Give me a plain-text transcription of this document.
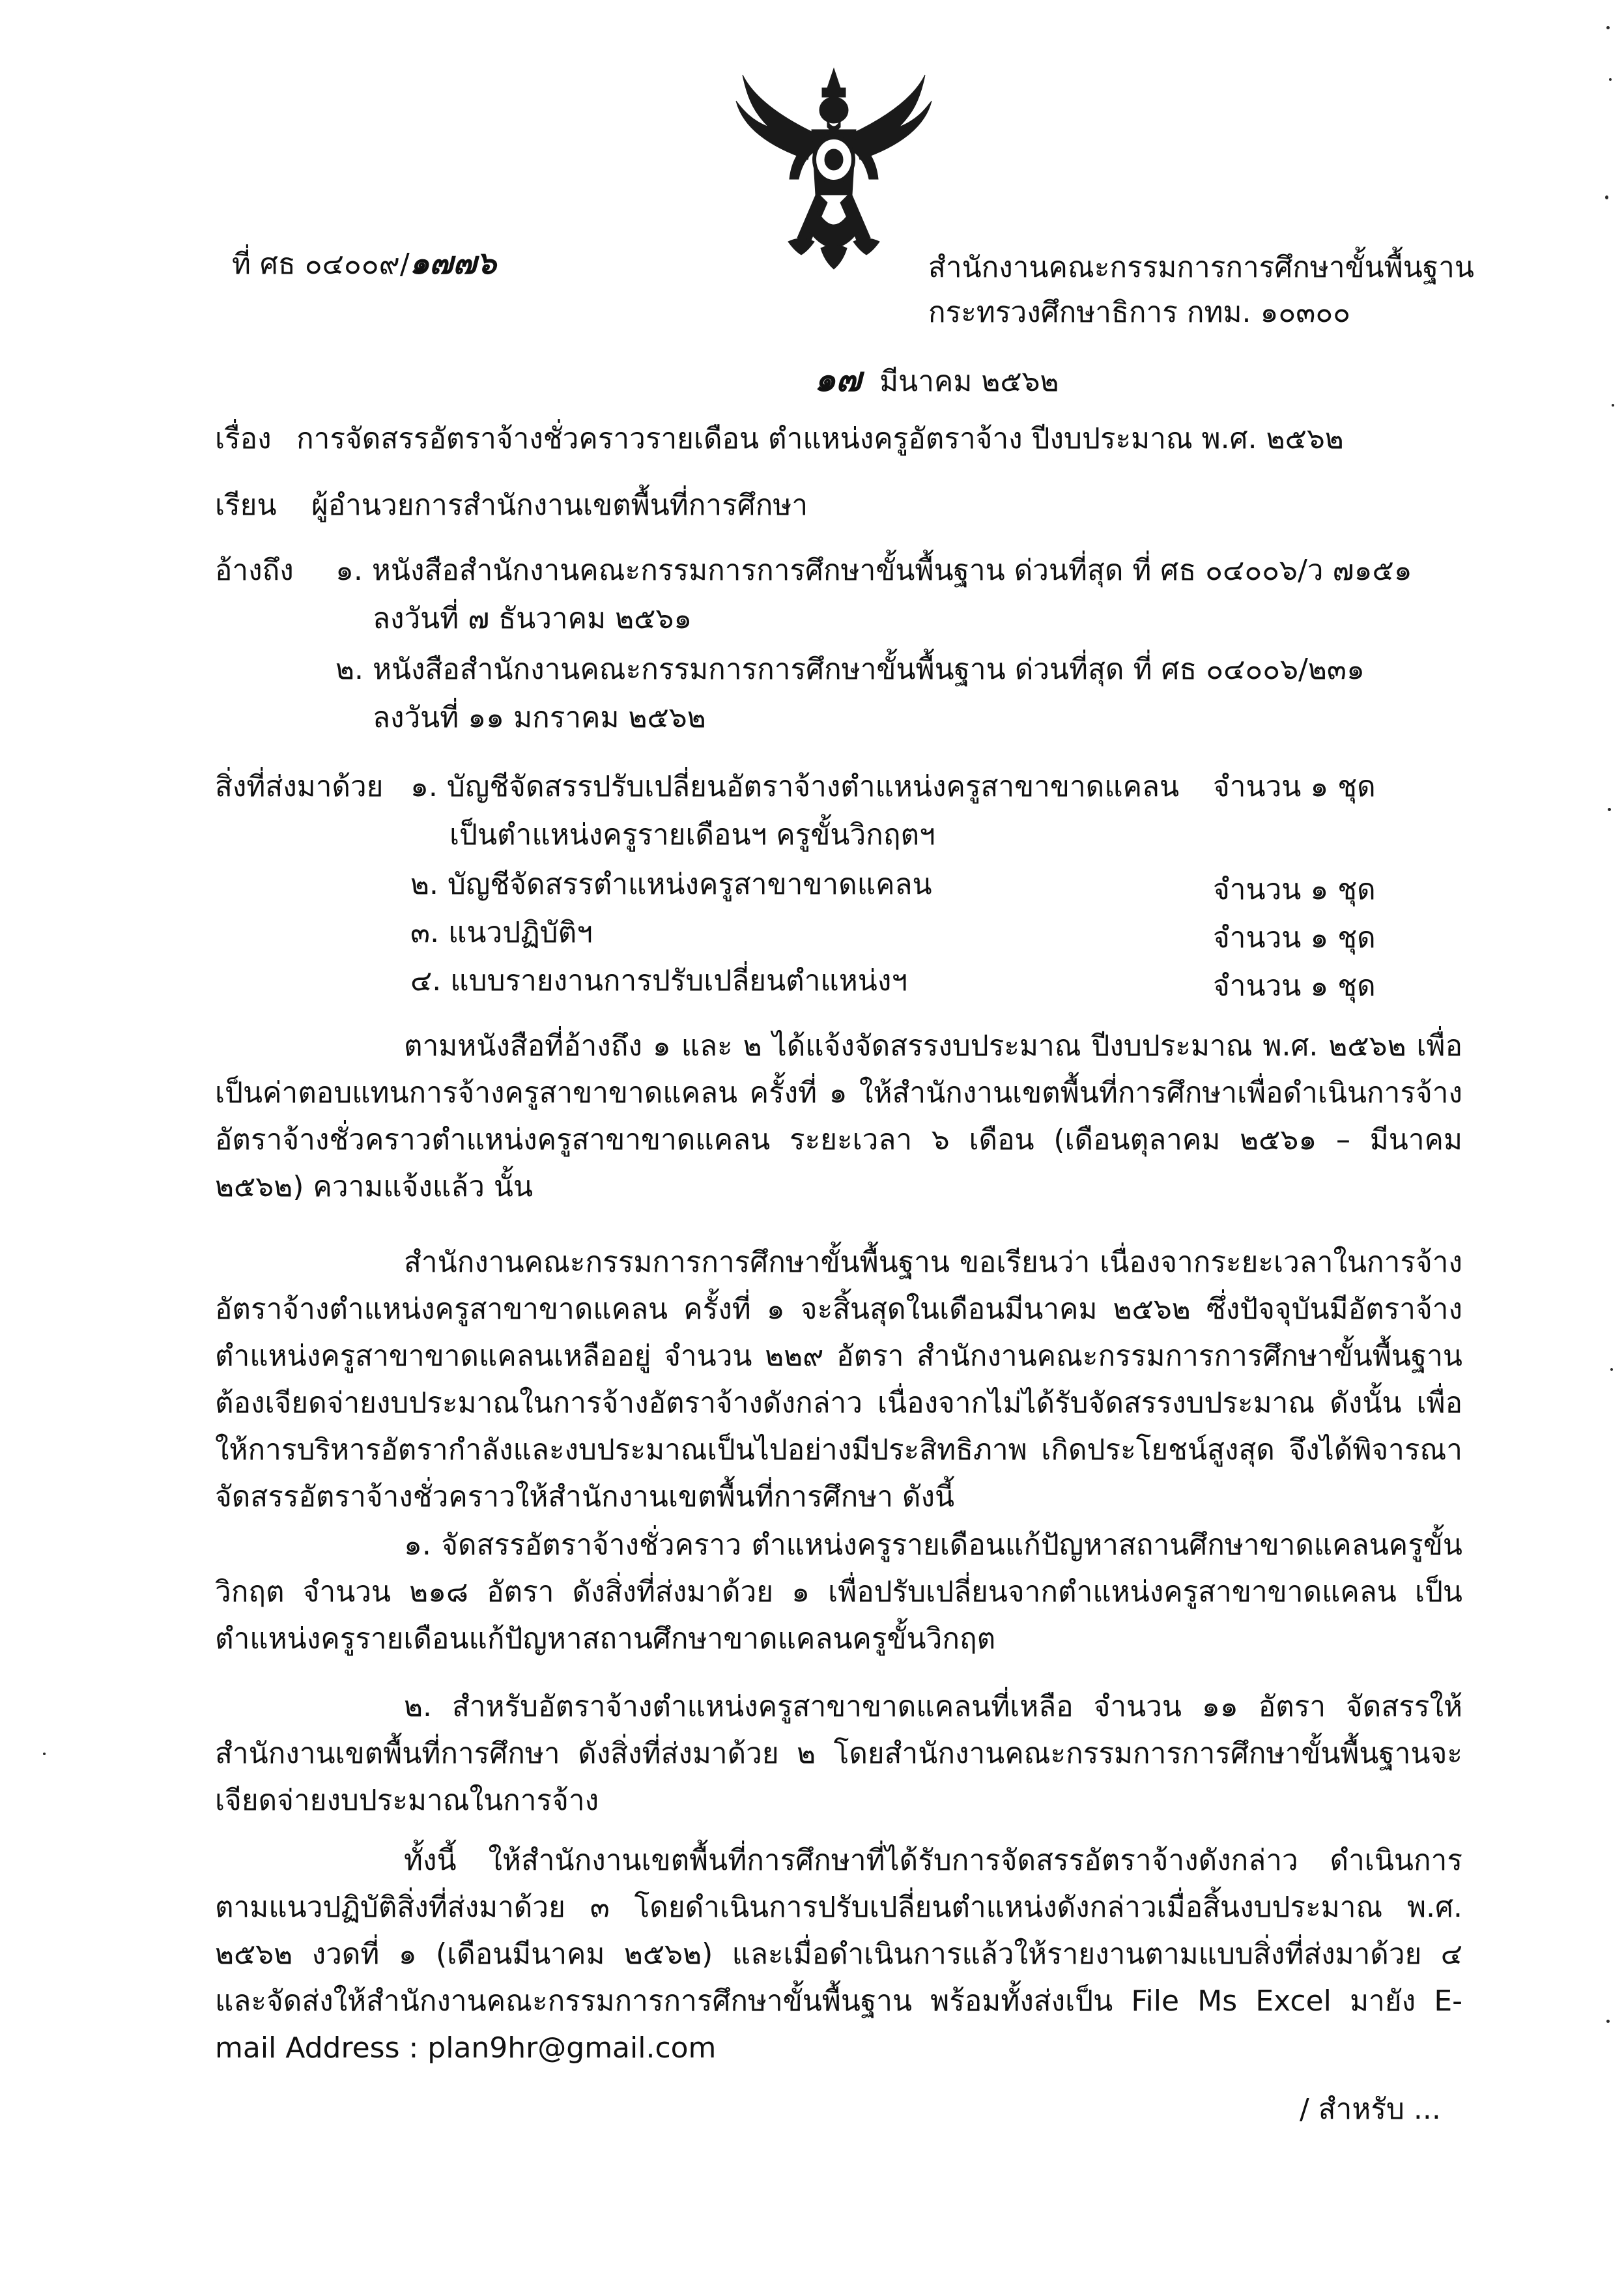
ที่ ศธ ๐๔๐๐๙/๑๗๗๖	สำนักงานคณะกรรมการการศึกษาขั้นพื้นฐาน
กระทรวงศึกษาธิการ กทม. ๑๐๓๐๐
๑๗ มีนาคม ๒๕๖๒
เรื่อง การจัดสรรอัตราจ้างชั่วคราวรายเดือน ตำแหน่งครูอัตราจ้าง ปีงบประมาณ พ.ศ. ๒๕๖๒
เรียน ผู้อำนวยการสำนักงานเขตพื้นที่การศึกษา
อ้างถึง ๑. หนังสือสำนักงานคณะกรรมการการศึกษาขั้นพื้นฐาน ด่วนที่สุด ที่ ศธ ๐๔๐๐๖/ว ๗๑๕๑
ลงวันที่ ๗ ธันวาคม ๒๕๖๑
๒. หนังสือสำนักงานคณะกรรมการการศึกษาขั้นพื้นฐาน ด่วนที่สุด ที่ ศธ ๐๔๐๐๖/๒๓๑
ลงวันที่ ๑๑ มกราคม ๒๕๖๒
สิ่งที่ส่งมาด้วย ๑. บัญชีจัดสรรปรับเปลี่ยนอัตราจ้างตำแหน่งครูสาขาขาดแคลน จำนวน ๑ ชุด
เป็นตำแหน่งครูรายเดือนฯ ครูขั้นวิกฤตฯ
๒. บัญชีจัดสรรตำแหน่งครูสาขาขาดแคลน	จำนวน ๑ ชุด
๓. แนวปฏิบัติฯ	จำนวน ๑ ชุด
๔. แบบรายงานการปรับเปลี่ยนตำแหน่งฯ	จำนวน ๑ ชุด
ตามหนังสือที่อ้างถึง ๑ และ ๒ ได้แจ้งจัดสรรงบประมาณ ปีงบประมาณ พ.ศ. ๒๕๖๒ เพื่อเป็นค่าตอบแทนการจ้างครูสาขาขาดแคลน ครั้งที่ ๑ ให้สำนักงานเขตพื้นที่การศึกษาเพื่อดำเนินการจ้างอัตราจ้างชั่วคราวตำแหน่งครูสาขาขาดแคลน ระยะเวลา ๖ เดือน (เดือนตุลาคม ๒๕๖๑ – มีนาคม ๒๕๖๒) ความแจ้งแล้ว นั้น
สำนักงานคณะกรรมการการศึกษาขั้นพื้นฐาน ขอเรียนว่า เนื่องจากระยะเวลาในการจ้างอัตราจ้างตำแหน่งครูสาขาขาดแคลน ครั้งที่ ๑ จะสิ้นสุดในเดือนมีนาคม ๒๕๖๒ ซึ่งปัจจุบันมีอัตราจ้าง ตำแหน่งครูสาขาขาดแคลนเหลืออยู่ จำนวน ๒๒๙ อัตรา สำนักงานคณะกรรมการการศึกษาขั้นพื้นฐานต้องเจียดจ่ายงบประมาณในการจ้างอัตราจ้างดังกล่าว เนื่องจากไม่ได้รับจัดสรรงบประมาณ ดังนั้น เพื่อให้การบริหารอัตรากำลังและงบประมาณเป็นไปอย่างมีประสิทธิภาพ เกิดประโยชน์สูงสุด จึงได้พิจารณาจัดสรรอัตราจ้างชั่วคราวให้สำนักงานเขตพื้นที่การศึกษา ดังนี้
๑. จัดสรรอัตราจ้างชั่วคราว ตำแหน่งครูรายเดือนแก้ปัญหาสถานศึกษาขาดแคลนครูขั้นวิกฤต จำนวน ๒๑๘ อัตรา ดังสิ่งที่ส่งมาด้วย ๑ เพื่อปรับเปลี่ยนจากตำแหน่งครูสาขาขาดแคลน เป็นตำแหน่งครูรายเดือนแก้ปัญหาสถานศึกษาขาดแคลนครูขั้นวิกฤต
๒. สำหรับอัตราจ้างตำแหน่งครูสาขาขาดแคลนที่เหลือ จำนวน ๑๑ อัตรา จัดสรรให้สำนักงานเขตพื้นที่การศึกษา ดังสิ่งที่ส่งมาด้วย ๒ โดยสำนักงานคณะกรรมการการศึกษาขั้นพื้นฐานจะเจียดจ่ายงบประมาณในการจ้าง
ทั้งนี้ ให้สำนักงานเขตพื้นที่การศึกษาที่ได้รับการจัดสรรอัตราจ้างดังกล่าว ดำเนินการตามแนวปฏิบัติสิ่งที่ส่งมาด้วย ๓ โดยดำเนินการปรับเปลี่ยนตำแหน่งดังกล่าวเมื่อสิ้นงบประมาณ พ.ศ. ๒๕๖๒ งวดที่ ๑ (เดือนมีนาคม ๒๕๖๒) และเมื่อดำเนินการแล้วให้รายงานตามแบบสิ่งที่ส่งมาด้วย ๔ และจัดส่งให้สำนักงานคณะกรรมการการศึกษาขั้นพื้นฐาน พร้อมทั้งส่งเป็น File Ms Excel มายัง E-mail Address : plan9hr@gmail.com
/ สำหรับ ...
